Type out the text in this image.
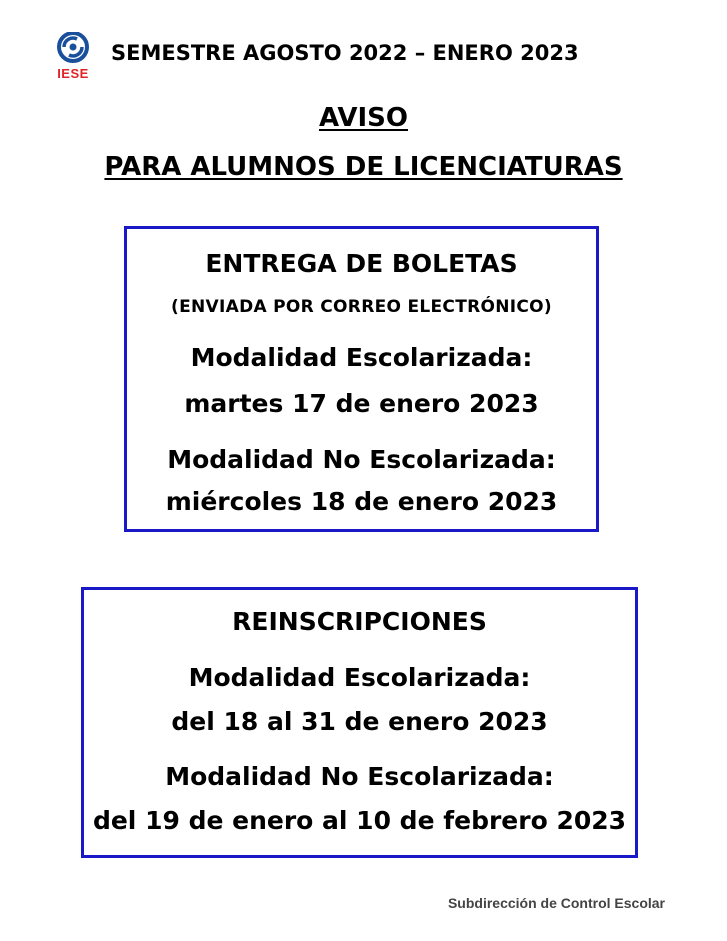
IESE
SEMESTRE AGOSTO 2022 – ENERO 2023
AVISO
PARA ALUMNOS DE LICENCIATURAS
ENTREGA DE BOLETAS
(ENVIADA POR CORREO ELECTRÓNICO)
Modalidad Escolarizada:
martes 17 de enero 2023
Modalidad No Escolarizada:
miércoles 18 de enero 2023
REINSCRIPCIONES
Modalidad Escolarizada:
del 18 al 31 de enero 2023
Modalidad No Escolarizada:
del 19 de enero al 10 de febrero 2023
Subdirección de Control Escolar
